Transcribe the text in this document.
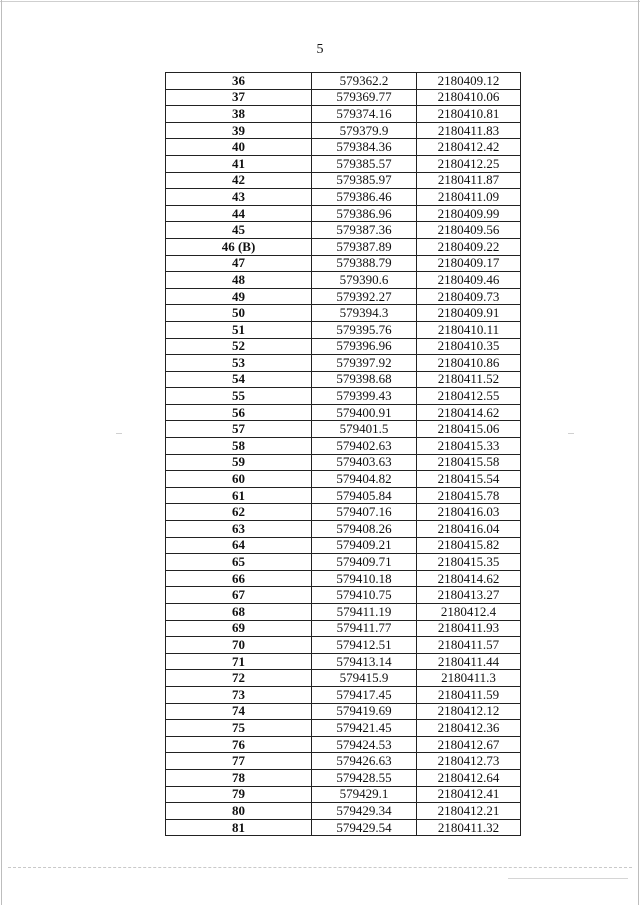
5
36	579362.2	2180409.12
37	579369.77	2180410.06
38	579374.16	2180410.81
39	579379.9	2180411.83
40	579384.36	2180412.42
41	579385.57	2180412.25
42	579385.97	2180411.87
43	579386.46	2180411.09
44	579386.96	2180409.99
45	579387.36	2180409.56
46 (В)	579387.89	2180409.22
47	579388.79	2180409.17
48	579390.6	2180409.46
49	579392.27	2180409.73
50	579394.3	2180409.91
51	579395.76	2180410.11
52	579396.96	2180410.35
53	579397.92	2180410.86
54	579398.68	2180411.52
55	579399.43	2180412.55
56	579400.91	2180414.62
57	579401.5	2180415.06
58	579402.63	2180415.33
59	579403.63	2180415.58
60	579404.82	2180415.54
61	579405.84	2180415.78
62	579407.16	2180416.03
63	579408.26	2180416.04
64	579409.21	2180415.82
65	579409.71	2180415.35
66	579410.18	2180414.62
67	579410.75	2180413.27
68	579411.19	2180412.4
69	579411.77	2180411.93
70	579412.51	2180411.57
71	579413.14	2180411.44
72	579415.9	2180411.3
73	579417.45	2180411.59
74	579419.69	2180412.12
75	579421.45	2180412.36
76	579424.53	2180412.67
77	579426.63	2180412.73
78	579428.55	2180412.64
79	579429.1	2180412.41
80	579429.34	2180412.21
81	579429.54	2180411.32
